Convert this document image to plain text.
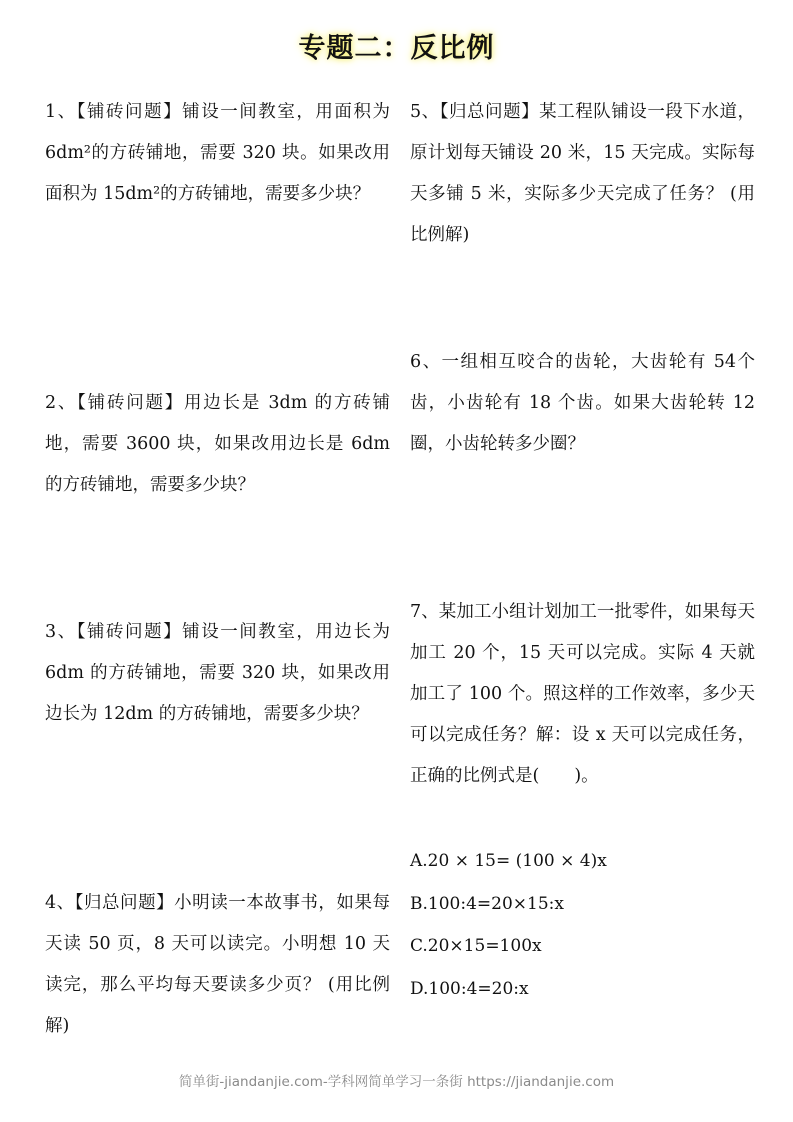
专题二：反比例

1、【铺砖问题】铺设一间教室，用面积为 6dm²的方砖铺地，需要 320 块。如果改用面积为 15dm²的方砖铺地，需要多少块？

2、【铺砖问题】用边长是 3dm 的方砖铺地，需要 3600 块，如果改用边长是 6dm的方砖铺地，需要多少块？

3、【铺砖问题】铺设一间教室，用边长为 6dm 的方砖铺地，需要 320 块，如果改用边长为 12dm 的方砖铺地，需要多少块？

4、【归总问题】小明读一本故事书，如果每天读 50 页，8 天可以读完。小明想 10 天读完，那么平均每天要读多少页？ (用比例解)

5、【归总问题】某工程队铺设一段下水道，原计划每天铺设 20 米，15 天完成。实际每天多铺 5 米，实际多少天完成了任务？ (用比例解)

6、一组相互咬合的齿轮，大齿轮有 54个齿，小齿轮有 18 个齿。如果大齿轮转 12 圈，小齿轮转多少圈？

7、某加工小组计划加工一批零件，如果每天加工 20 个，15 天可以完成。实际 4 天就加工了 100 个。照这样的工作效率，多少天可以完成任务？解：设 x 天可以完成任务，正确的比例式是(　　)。

A.20 × 15= (100 × 4)x

B.100:4=20×15:x

C.20×15=100x

D.100:4=20:x

简单街-jiandanjie.com-学科网简单学习一条街 https://jiandanjie.com
